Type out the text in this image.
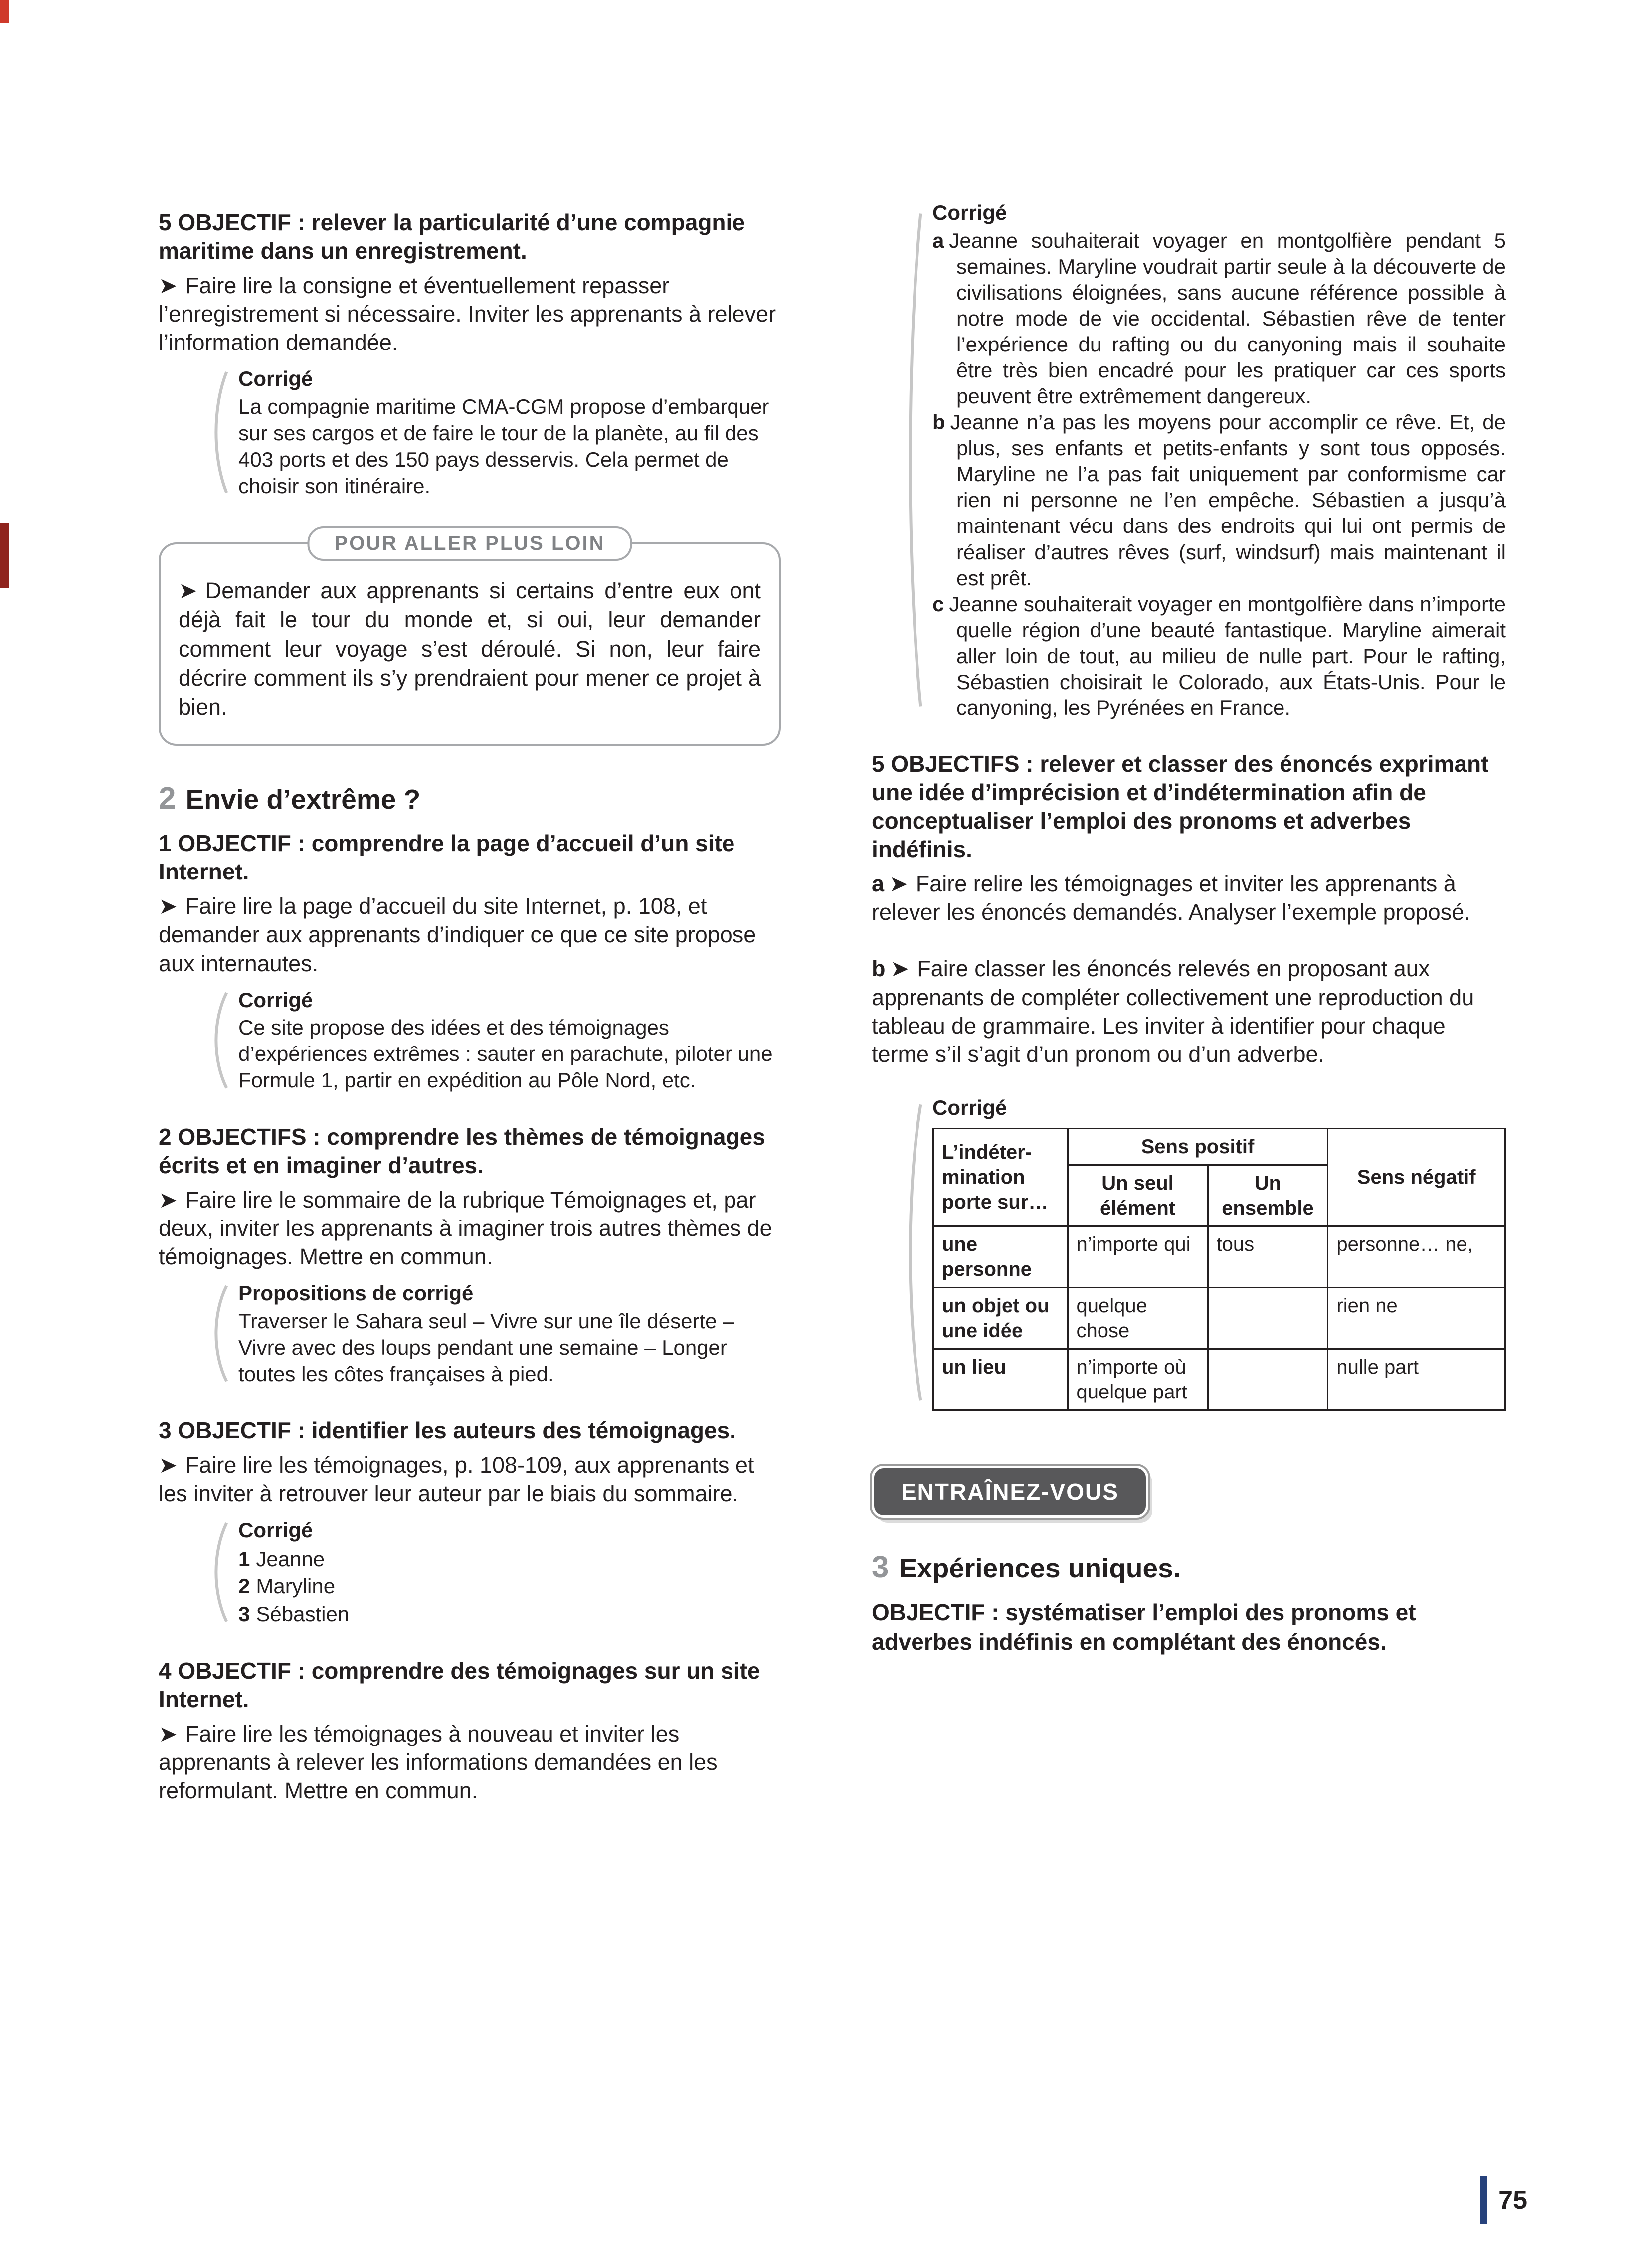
5 OBJECTIF : relever la particularité d’une compagnie maritime dans un enregistrement.

➤ Faire lire la consigne et éventuellement repasser l’enregistrement si nécessaire. Inviter les apprenants à relever l’information demandée.

Corrigé

La compagnie maritime CMA-CGM propose d’embarquer sur ses cargos et de faire le tour de la planète, au fil des 403 ports et des 150 pays desservis. Cela permet de choisir son itinéraire.

POUR ALLER PLUS LOIN

➤ Demander aux apprenants si certains d’entre eux ont déjà fait le tour du monde et, si oui, leur demander comment leur voyage s’est déroulé. Si non, leur faire décrire comment ils s’y prendraient pour mener ce projet à bien.

2 Envie d’extrême ?

1 OBJECTIF : comprendre la page d’accueil d’un site Internet.

➤ Faire lire la page d’accueil du site Internet, p. 108, et demander aux apprenants d’indiquer ce que ce site propose aux internautes.

Corrigé

Ce site propose des idées et des témoignages d’expériences extrêmes : sauter en parachute, piloter une Formule 1, partir en expédition au Pôle Nord, etc.

2 OBJECTIFS : comprendre les thèmes de témoignages écrits et en imaginer d’autres.

➤ Faire lire le sommaire de la rubrique Témoignages et, par deux, inviter les apprenants à imaginer trois autres thèmes de témoignages. Mettre en commun.

Propositions de corrigé

Traverser le Sahara seul – Vivre sur une île déserte – Vivre avec des loups pendant une semaine – Longer toutes les côtes françaises à pied.

3 OBJECTIF : identifier les auteurs des témoignages.

➤ Faire lire les témoignages, p. 108-109, aux apprenants et les inviter à retrouver leur auteur par le biais du sommaire.

Corrigé

1 Jeanne

2 Maryline

3 Sébastien

4 OBJECTIF : comprendre des témoignages sur un site Internet.

➤ Faire lire les témoignages à nouveau et inviter les apprenants à relever les informations demandées en les reformulant. Mettre en commun.

Corrigé

a Jeanne souhaiterait voyager en montgolfière pendant 5 semaines. Maryline voudrait partir seule à la découverte de civilisations éloignées, sans aucune référence possible à notre mode de vie occidental. Sébastien rêve de tenter l’expérience du rafting ou du canyoning mais il souhaite être très bien encadré pour les pratiquer car ces sports peuvent être extrêmement dangereux.

b Jeanne n’a pas les moyens pour accomplir ce rêve. Et, de plus, ses enfants et petits-enfants y sont tous opposés. Maryline ne l’a pas fait uniquement par conformisme car rien ni personne ne l’en empêche. Sébastien a jusqu’à maintenant vécu dans des endroits qui lui ont permis de réaliser d’autres rêves (surf, windsurf) mais maintenant il est prêt.

c Jeanne souhaiterait voyager en montgolfière dans n’importe quelle région d’une beauté fantastique. Maryline aimerait aller loin de tout, au milieu de nulle part. Pour le rafting, Sébastien choisirait le Colorado, aux États-Unis. Pour le canyoning, les Pyrénées en France.

5 OBJECTIFS : relever et classer des énoncés exprimant une idée d’imprécision et d’indétermination afin de conceptualiser l’emploi des pronoms et adverbes indéfinis.

a ➤ Faire relire les témoignages et inviter les apprenants à relever les énoncés demandés. Analyser l’exemple proposé.

b ➤ Faire classer les énoncés relevés en proposant aux apprenants de compléter collectivement une reproduction du tableau de grammaire. Les inviter à identifier pour chaque terme s’il s’agit d’un pronom ou d’un adverbe.

Corrigé

L’indéter-mination porte sur…	Sens positif		Sens négatif
	Un seul élément	Un ensemble	
une personne	n’importe qui	tous	personne… ne,
un objet ou une idée	quelque chose		rien ne
un lieu	n’importe où quelque part		nulle part
ENTRAÎNEZ-VOUS
3 Expériences uniques.

OBJECTIF : systématiser l’emploi des pronoms et adverbes indéfinis en complétant des énoncés.

75
